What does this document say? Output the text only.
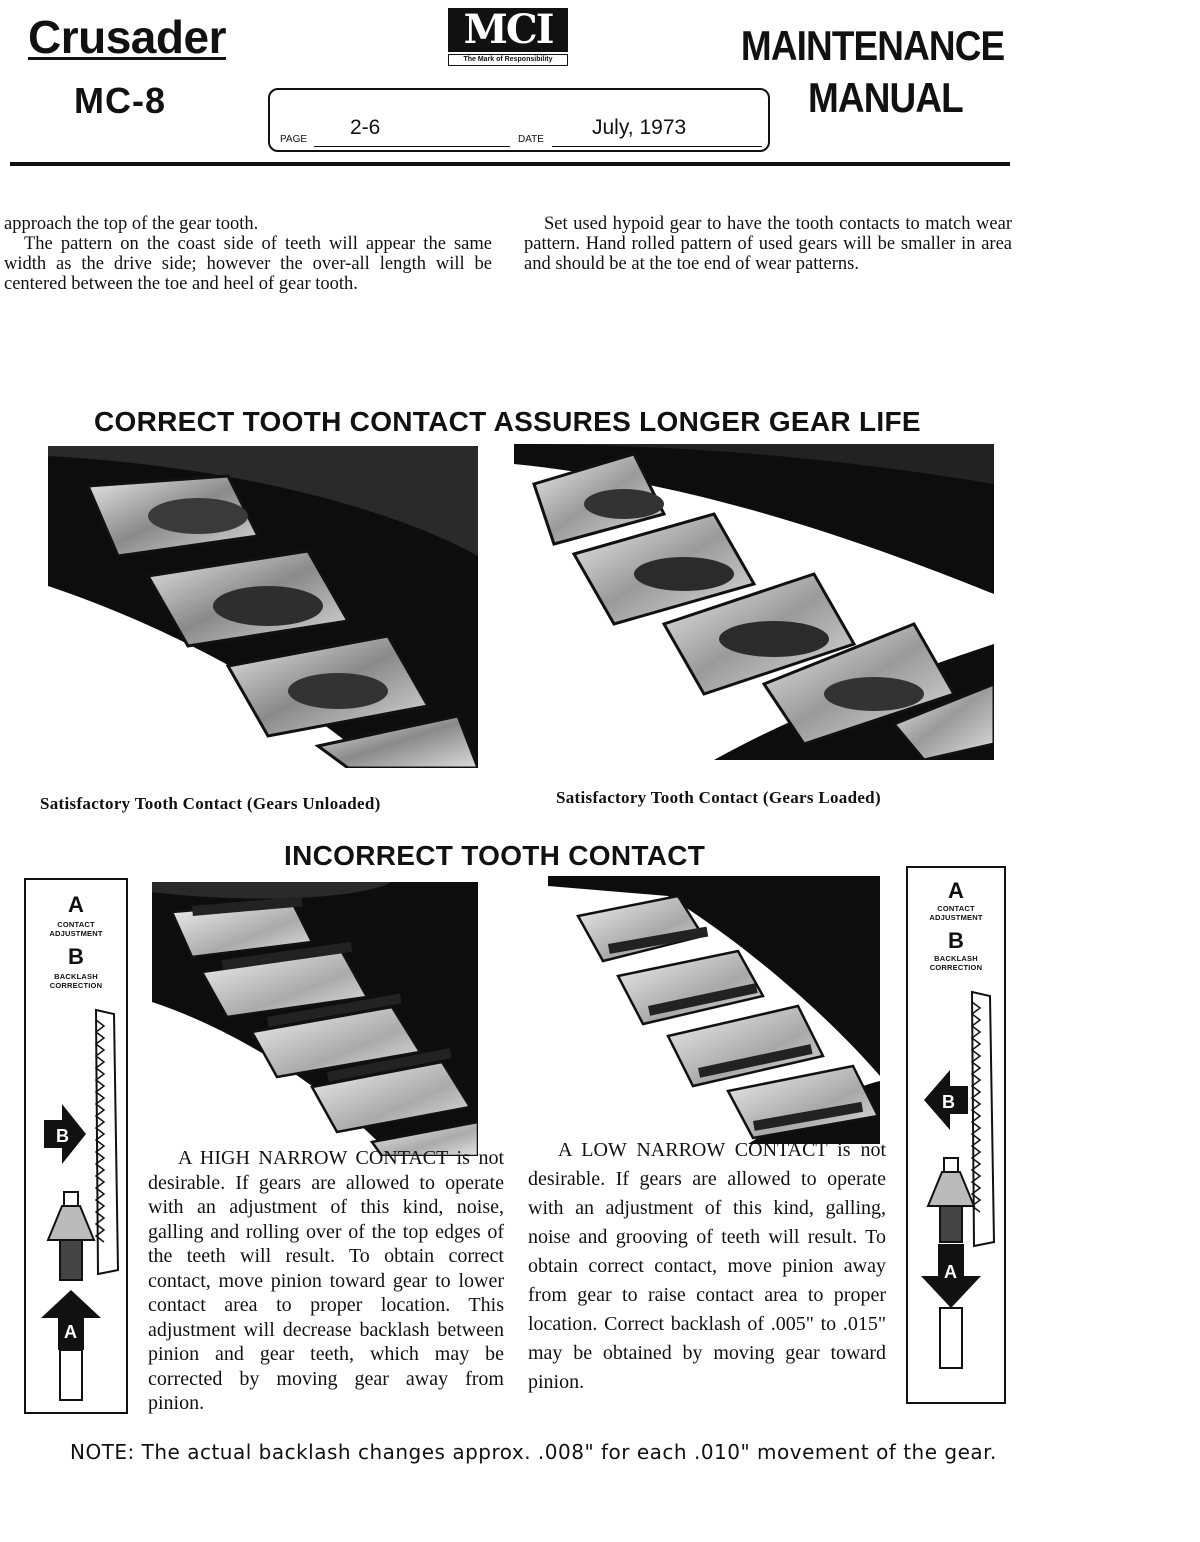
Crusader
MC-8
MCI
The Mark of Responsibility	MAINTENANCE
MANUAL
PAGE
2-6
DATE
July, 1973

approach the top of the gear tooth.

The pattern on the coast side of teeth will appear the same width as the drive side; however the over-all length will be centered between the toe and heel of gear tooth.

Set used hypoid gear to have the tooth contacts to match wear pattern. Hand rolled pattern of used gears will be smaller in area and should be at the toe end of wear patterns.

CORRECT TOOTH CONTACT ASSURES LONGER GEAR LIFE
Satisfactory Tooth Contact (Gears Unloaded)	Satisfactory Tooth Contact (Gears Loaded)
INCORRECT TOOTH CONTACT
A
CONTACT ADJUSTMENT
B
BACKLASH CORRECTION
B
A
A
CONTACT ADJUSTMENT
B
BACKLASH CORRECTION
B
A

A HIGH NARROW CONTACT is not desirable. If gears are allowed to operate with an adjustment of this kind, noise, galling and rolling over of the top edges of the teeth will result. To obtain correct contact, move pinion toward gear to lower contact area to proper location. This adjustment will decrease backlash between pinion and gear teeth, which may be corrected by moving gear away from pinion.

A LOW NARROW CONTACT is not desirable. If gears are allowed to operate with an adjustment of this kind, galling, noise and grooving of teeth will result. To obtain correct contact, move pinion away from gear to raise contact area to proper location. Correct backlash of .005" to .015" may be obtained by moving gear toward pinion.

NOTE: The actual backlash changes approx. .008" for each .010" movement of the gear.
